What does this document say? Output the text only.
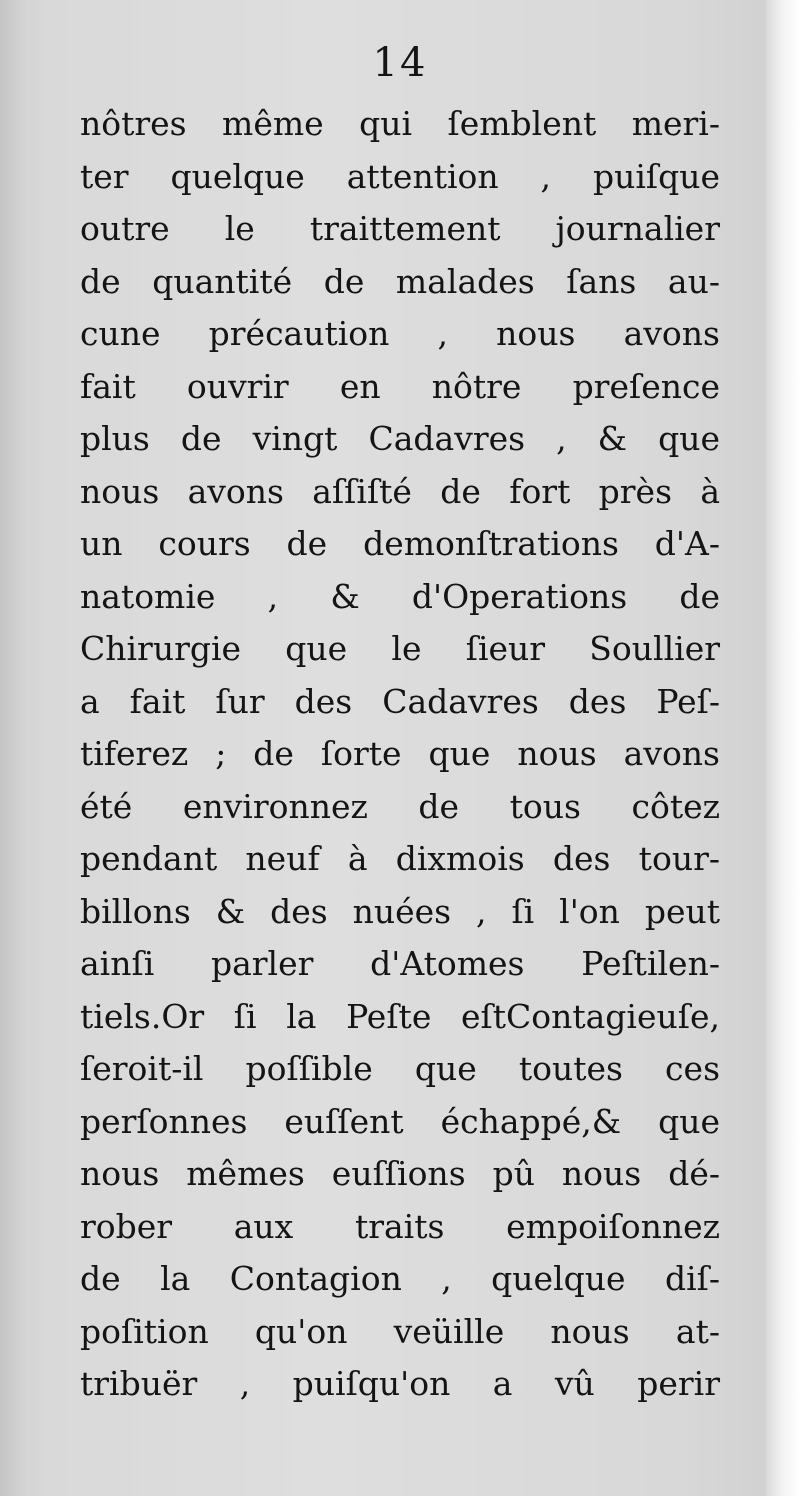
14
nôtres même qui ſemblent meri-
ter quelque attention , puiſque
outre le traittement journalier
de quantité de malades ſans au-
cune précaution , nous avons
fait ouvrir en nôtre preſence
plus de vingt Cadavres , & que
nous avons aſſiſté de fort près à
un cours de demonſtrations d'A-
natomie , & d'Operations de
Chirurgie que le ſieur Soullier
a fait ſur des Cadavres des Peſ-
tiferez ; de ſorte que nous avons
été environnez de tous côtez
pendant neuf à dixmois des tour-
billons & des nuées , ſi l'on peut
ainſi parler d'Atomes Peſtilen-
tiels.Or ſi la Peſte eſtContagieuſe,
ſeroit-il poſſible que toutes ces
perſonnes euſſent échappé,& que
nous mêmes euſſions pû nous dé-
rober aux traits empoiſonnez
de la Contagion , quelque diſ-
poſition qu'on veüille nous at-
tribuër , puiſqu'on a vû perir
